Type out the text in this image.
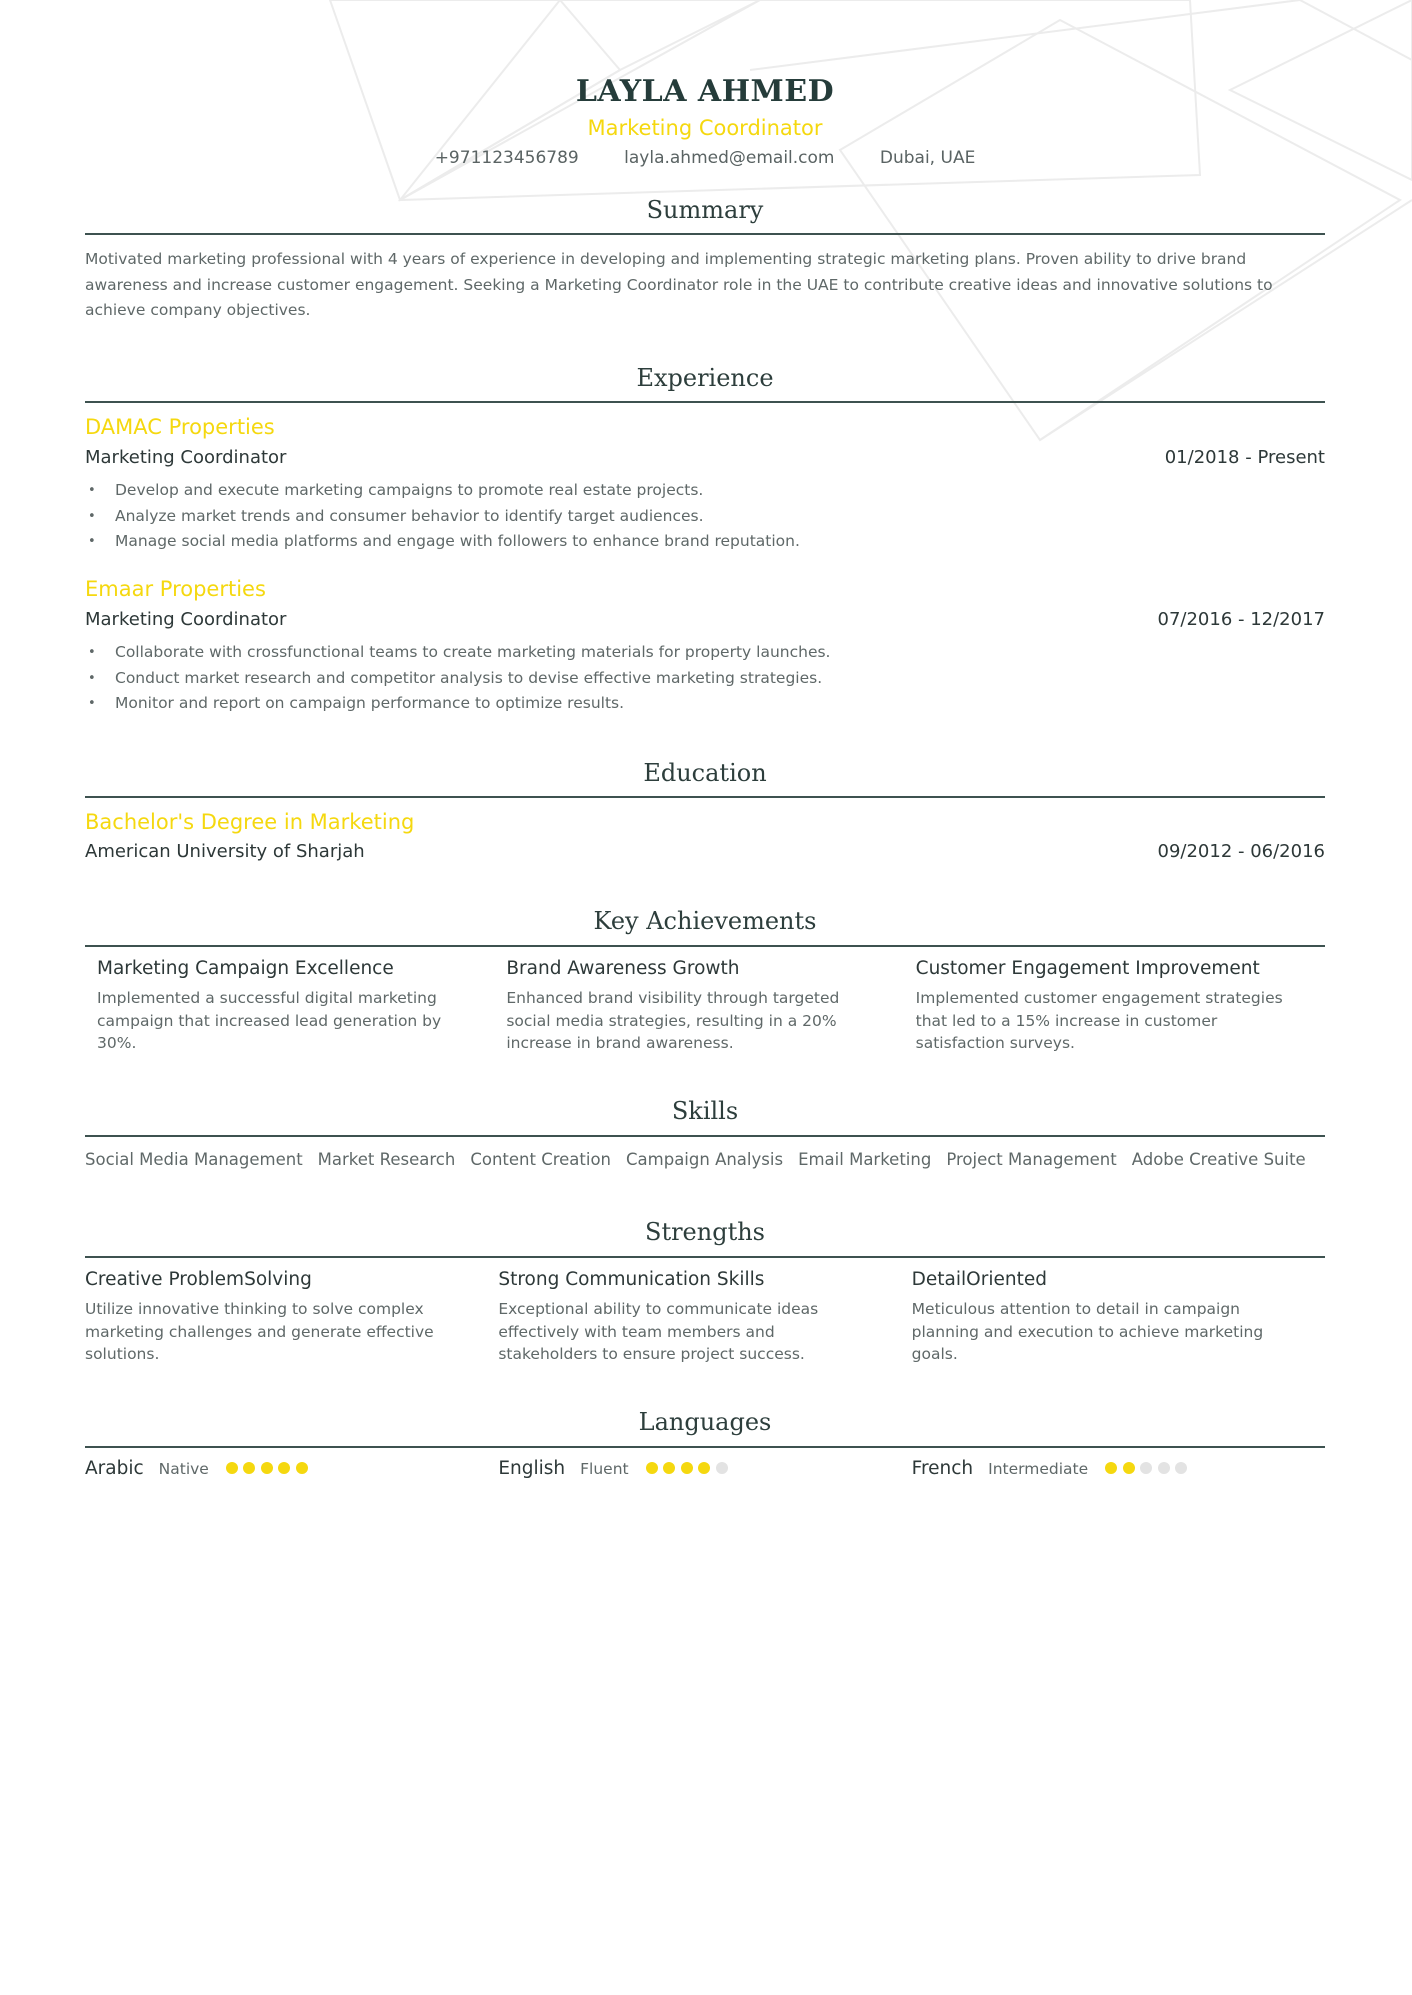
LAYLA AHMED
Marketing Coordinator
+971123456789	layla.ahmed@email.com	Dubai, UAE
Summary
Motivated marketing professional with 4 years of experience in developing and implementing strategic marketing plans. Proven ability to drive brand awareness and increase customer engagement. Seeking a Marketing Coordinator role in the UAE to contribute creative ideas and innovative solutions to achieve company objectives.
Experience
DAMAC Properties
Marketing Coordinator	01/2018 - Present
• Develop and execute marketing campaigns to promote real estate projects.
• Analyze market trends and consumer behavior to identify target audiences.
• Manage social media platforms and engage with followers to enhance brand reputation.
Emaar Properties
Marketing Coordinator	07/2016 - 12/2017
• Collaborate with crossfunctional teams to create marketing materials for property launches.
• Conduct market research and competitor analysis to devise effective marketing strategies.
• Monitor and report on campaign performance to optimize results.
Education
Bachelor's Degree in Marketing
American University of Sharjah	09/2012 - 06/2016
Key Achievements
Marketing Campaign Excellence
Implemented a successful digital marketing campaign that increased lead generation by 30%.
Brand Awareness Growth
Enhanced brand visibility through targeted social media strategies, resulting in a 20% increase in brand awareness.
Customer Engagement Improvement
Implemented customer engagement strategies that led to a 15% increase in customer satisfaction surveys.
Skills
Social Media Management Market Research Content Creation Campaign Analysis Email Marketing Project Management Adobe Creative Suite
Strengths
Creative ProblemSolving
Utilize innovative thinking to solve complex marketing challenges and generate effective solutions.
Strong Communication Skills
Exceptional ability to communicate ideas effectively with team members and stakeholders to ensure project success.
DetailOriented
Meticulous attention to detail in campaign planning and execution to achieve marketing goals.
Languages
Arabic Native	English Fluent	French Intermediate
